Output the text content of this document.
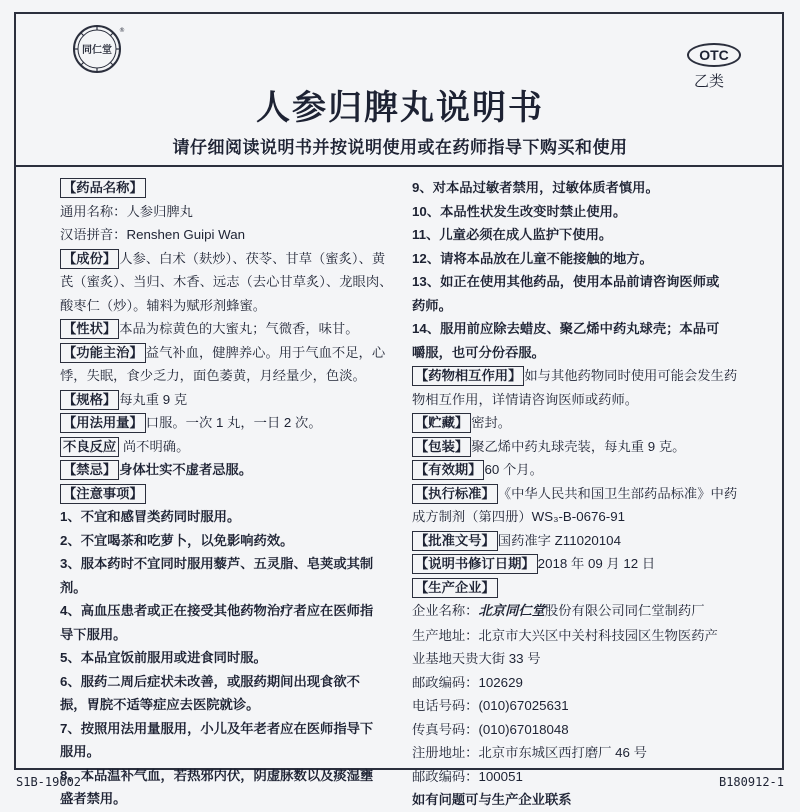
同仁堂
®
OTC
乙类
人参归脾丸说明书
请仔细阅读说明书并按说明使用或在药师指导下购买和使用
【药品名称】
通用名称：人参归脾丸
汉语拼音：Renshen Guipi Wan
【成份】 人参、白术（麸炒）、茯苓、甘草（蜜炙）、黄
芪（蜜炙）、当归、木香、远志（去心甘草炙）、龙眼肉、
酸枣仁（炒）。辅料为赋形剂蜂蜜。
【性状】 本品为棕黄色的大蜜丸；气微香，味甘。
【功能主治】 益气补血，健脾养心。用于气血不足，心
悸，失眠，食少乏力，面色萎黄，月经量少，色淡。
【规格】 每丸重 9 克
【用法用量】 口服。一次 1 丸，一日 2 次。
不良反应 尚不明确。
【禁忌】 身体壮实不虚者忌服。
【注意事项】
1、不宜和感冒类药同时服用。
2、不宜喝茶和吃萝卜，以免影响药效。
3、服本药时不宜同时服用藜芦、五灵脂、皂荚或其制
剂。
4、高血压患者或正在接受其他药物治疗者应在医师指
导下服用。
5、本品宜饭前服用或进食同时服。
6、服药二周后症状未改善，或服药期间出现食欲不
振，胃脘不适等症应去医院就诊。
7、按照用法用量服用，小儿及年老者应在医师指导下
服用。
8、本品温补气血，若热邪内伏，阴虚脉数以及痰湿壅
盛者禁用。
9、对本品过敏者禁用，过敏体质者慎用。
10、本品性状发生改变时禁止使用。
11、儿童必须在成人监护下使用。
12、请将本品放在儿童不能接触的地方。
13、如正在使用其他药品，使用本品前请咨询医师或
药师。
14、服用前应除去蜡皮、聚乙烯中药丸球壳；本品可
嚼服，也可分份吞服。
【药物相互作用】 如与其他药物同时使用可能会发生药
物相互作用，详情请咨询医师或药师。
【贮藏】 密封。
【包装】 聚乙烯中药丸球壳装，每丸重 9 克。
【有效期】 60 个月。
【执行标准】 《中华人民共和国卫生部药品标准》中药
成方制剂（第四册）WS₃-B-0676-91
【批准文号】 国药准字 Z11020104
【说明书修订日期】 2018 年 09 月 12 日
【生产企业】
企业名称：北京同仁堂股份有限公司同仁堂制药厂
生产地址：北京市大兴区中关村科技园区生物医药产
业基地天贵大街 33 号
邮政编码：102629
电话号码：(010)67025631
传真号码：(010)67018048
注册地址：北京市东城区西打磨厂 46 号
邮政编码：100051
如有问题可与生产企业联系
S1B-19002	B180912-1
